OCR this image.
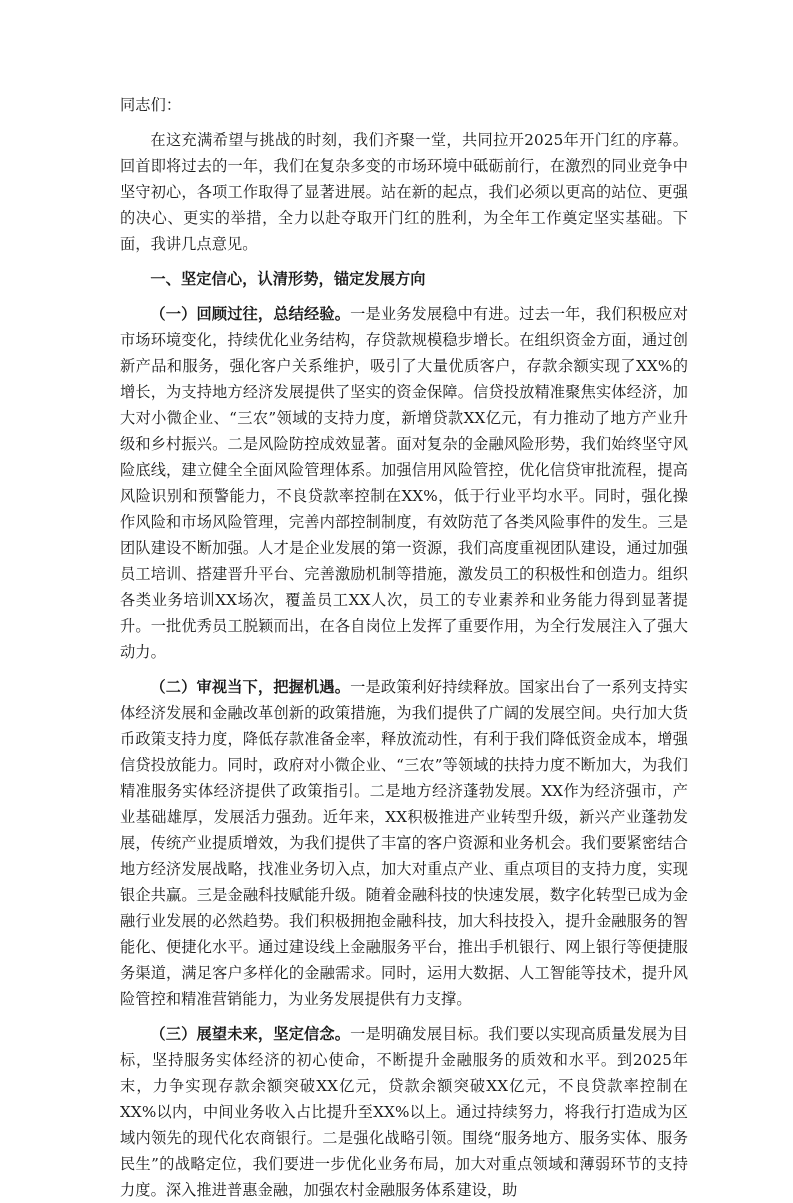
同志们：

在这充满希望与挑战的时刻，我们齐聚一堂，共同拉开2025年开门红的序幕。回首即将过去的一年，我们在复杂多变的市场环境中砥砺前行，在激烈的同业竞争中坚守初心，各项工作取得了显著进展。站在新的起点，我们必须以更高的站位、更强的决心、更实的举措，全力以赴夺取开门红的胜利，为全年工作奠定坚实基础。下面，我讲几点意见。

一、坚定信心，认清形势，锚定发展方向

（一）回顾过往，总结经验。一是业务发展稳中有进。过去一年，我们积极应对市场环境变化，持续优化业务结构，存贷款规模稳步增长。在组织资金方面，通过创新产品和服务，强化客户关系维护，吸引了大量优质客户，存款余额实现了XX%的增长，为支持地方经济发展提供了坚实的资金保障。信贷投放精准聚焦实体经济，加大对小微企业、“三农”领域的支持力度，新增贷款XX亿元，有力推动了地方产业升级和乡村振兴。二是风险防控成效显著。面对复杂的金融风险形势，我们始终坚守风险底线，建立健全全面风险管理体系。加强信用风险管控，优化信贷审批流程，提高风险识别和预警能力，不良贷款率控制在XX%，低于行业平均水平。同时，强化操作风险和市场风险管理，完善内部控制制度，有效防范了各类风险事件的发生。三是团队建设不断加强。人才是企业发展的第一资源，我们高度重视团队建设，通过加强员工培训、搭建晋升平台、完善激励机制等措施，激发员工的积极性和创造力。组织各类业务培训XX场次，覆盖员工XX人次，员工的专业素养和业务能力得到显著提升。一批优秀员工脱颖而出，在各自岗位上发挥了重要作用，为全行发展注入了强大动力。

（二）审视当下，把握机遇。一是政策利好持续释放。国家出台了一系列支持实体经济发展和金融改革创新的政策措施，为我们提供了广阔的发展空间。央行加大货币政策支持力度，降低存款准备金率，释放流动性，有利于我们降低资金成本，增强信贷投放能力。同时，政府对小微企业、“三农”等领域的扶持力度不断加大，为我们精准服务实体经济提供了政策指引。二是地方经济蓬勃发展。XX作为经济强市，产业基础雄厚，发展活力强劲。近年来，XX积极推进产业转型升级，新兴产业蓬勃发展，传统产业提质增效，为我们提供了丰富的客户资源和业务机会。我们要紧密结合地方经济发展战略，找准业务切入点，加大对重点产业、重点项目的支持力度，实现银企共赢。三是金融科技赋能升级。随着金融科技的快速发展，数字化转型已成为金融行业发展的必然趋势。我们积极拥抱金融科技，加大科技投入，提升金融服务的智能化、便捷化水平。通过建设线上金融服务平台，推出手机银行、网上银行等便捷服务渠道，满足客户多样化的金融需求。同时，运用大数据、人工智能等技术，提升风险管控和精准营销能力，为业务发展提供有力支撑。

（三）展望未来，坚定信念。一是明确发展目标。我们要以实现高质量发展为目标，坚持服务实体经济的初心使命，不断提升金融服务的质效和水平。到2025年末，力争实现存款余额突破XX亿元，贷款余额突破XX亿元，不良贷款率控制在XX%以内，中间业务收入占比提升至XX%以上。通过持续努力，将我行打造成为区域内领先的现代化农商银行。二是强化战略引领。围绕“服务地方、服务实体、服务民生”的战略定位，我们要进一步优化业务布局，加大对重点领域和薄弱环节的支持力度。深入推进普惠金融，加强农村金融服务体系建设，助
